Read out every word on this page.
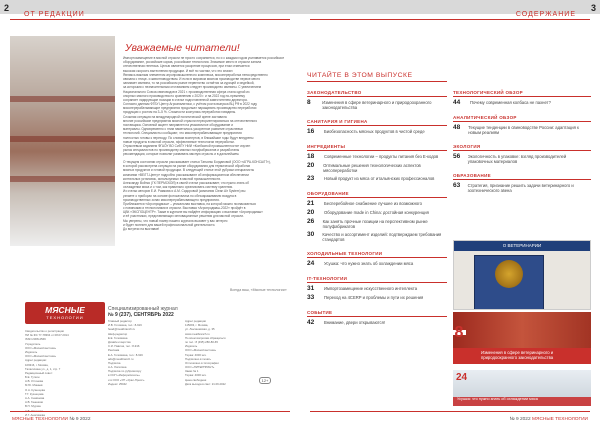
2	3
ОТ РЕДАКЦИИ	СОДЕРЖАНИЕ
Уважаемые читатели!
Импортозамещение в мясной отрасли не просто сохраняется, но и с каждым годом усиливается российское
оборудование, российские корма, российские технологии. Значимое место в отрасли заняла
отечественная генетика. Целью является ускорение процессов, при этом отмечается
высокая скорость вытеснения продукции. И всё по частям, что это значит.
Являясь важным элементом агропромышленного комплекса, мясопереработка непосредственно
связана с птице- и животноводством. И если в мировом мясном производстве первое место
занимает свинина, то на российском рынке первенство остаётся за курицей и индейкой,
за которыми с незначительным отставанием следует производство свинины. С увеличением
Национального Союза свиноводов в 2021 г. производственная сфера стала одной из
опорных мясного производства по сравнению с 2020 г. и на 2022 год по-прежнему
сохраняет лидирующие позиции в статье подготовленной заместителем директора.
Согласно данным ФГБУ Центр Агроаналитики, с учётом роста выпуска ВЦ РФ в 2022 году
мясоперерабатывающие предприятия продолжат наращивать производство переработки
продукции с ростом на 3–5 %. Сложности коснулись переработки говядины.
Сложная ситуация на международной политической арене заставила
многие российские предприятия мясной отрасли переориентироваться на отечественного
поставщика. Основной акцент направлен на упаковочное оборудование и
материалы. Одновременно с этим наметилось ускоренное развитие отраслевых
технологий. Специалисты сообщают, что мясоперерабатывающие предприятия
полностью готовы к переходу. По словам экспертов, в ближайшие годы будут внедрены
новые продукты в мясной отрасли, эффективные технологии переработки.
Отраслевым изданием ФГАОУ ВО СибГУ НИИ «Колбасной промышленности» изучен
рынок специалистов по производству мясных полуфабрикатов и разработаны
рекомендации, которые позволят развивать мясную отрасль и в дальнейшем.
О текущем состоянии отрасли рассказывает статья Татьяны Богдановой (ООО «АГРА-КОНСАЛТ»),
в которой рассмотрена ситуация на рынке оборудования для термической обработки
мясных продуктов и готовой продукции. В следующей статье этой рубрики специалисты
компании «ВЕЛТ-Центр» подробно рассказывают об информационном обеспечении
коптильных установок, используемых в мясной промышленности.
Александр Войтко (ГК ПЕРМСКОЙ) в своей статье рассказывает, что нужно знать об
охлаждении мяса и о том, как правильно организовать систему хранения.
Из статьи авторов Е.И. Рамкова и А.М. Сидоровой (компания Clean Air System) вы
узнаете о приборах на основе фотокатализа по обеззараживанию воздуха в
производственных зонах мясоперерабатывающего предприятия.
Приближается «Агропродмаш» – уникальная выставка, на которой можно познакомиться
с новинками и технологиями в отрасли. Выставка «Агропродмаш-2022» пройдёт в
ЦВК «ЭКСПОЦЕНТР». Также в журнале вы найдёте информацию о выставке «Агропродмаш»
и её участниках, представляющих инновационные решения для мясной отрасли.
Мы уверены, что новый номер нашего журнала вызовет у вас интерес
и будет полезен для вашей профессиональной деятельности.
До встречи на выставке!
Всегда ваш, «Мясные технологии»
МЯСНЫЕ
ТЕХНОЛОГИИ
Специализированный журнал
№ 9 (237), СЕНТЯБРЬ 2022
Свидетельство о регистрации
ПИ № ФС 77-78364 от 08.07.2014
ISSN 2308-2569
Учредитель
ООО «Мясной вестник»
Издатель
ООО «Мясной вестник»
Адрес редакции:
109316, г. Москва,
Талалихина ул., д. 1, стр. 7
Редакционный совет:
Б.Е. Гуткин
А.В. Устинова
М.Ю. Минаев
О.А. Кузнецова
Т.Г. Кузнецова
А.А. Семёнова
А.В. Ганенков
В.П. Мурзин
И.Г. Анисимова
Главный редактор
И.В. Головина, тел.: 8-916
head@meatbranch.ru
Шеф-редактор
Е.Е. Головкина
Дизайн и верстка
С.И. Павлов, тел.: 8-916
Реклама
Е.А. Головкина, тел.: 8-916
ads@meatbranch.ru
Подписка
А.А. Лопатина
Подписка по рубрикатору
в ОСП «Информпечать»
и в ООО «УП «Урал-Пресс»
Индекс: 25042
Адрес редакции
115093, г. Москва,
ул. Люсиновская, д. 35
www.meatbranch.ru
По всем вопросам обращаться
по тел.: 8 (495) 280-80-65
Издатель
ООО «Мясной вестник»
Тираж: 4000 экз.
Подписано в печать
Отпечатано в типографии
ООО «ПИТЕРПРИНТ»
Заказ № 1
Тираж: 4000 экз.
Цена свободная
Дата выхода в свет: 21.09.2022
12+
ЧИТАЙТЕ В ЭТОМ ВЫПУСКЕ
ЗАКОНОДАТЕЛЬСТВО
8	Изменения в сфере ветеринарного и природоохранного законодательства
САНИТАРИЯ И ГИГИЕНА
16	Биобезопасность мясных продуктов в чистой среде
ИНГРЕДИЕНТЫ
18	Современные технологии – продукты питания без Е-кодов
20	Оптимальные решения технологических аспектов мясопереработки
23	Новый продукт из мяса от итальянских профессионалов
ОБОРУДОВАНИЕ
21	Бесперебойное снабжение лучшее из возможного
20	Оборудование made in China: достойная конкуренция
26	Как занять прочные позиции на перспективном рынке полуфабрикатов
30	Качество и ассортимент изделий: подтверждаем требования стандартов
ХОЛОДИЛЬНЫЕ ТЕХНОЛОГИИ
24	Усушка: что нужно знать об охлаждении мяса
IT-ТЕХНОЛОГИИ
31	Импортозамещение искусственного интеллекта
33	Переход на 4CERP и проблемы и пути их решения
СОБЫТИЕ
42	Внимание, двери открываются!
ТЕХНОЛОГИЧЕСКИЙ ОБЗОР
44	Почему современная колбаса не пахнет?
АНАЛИТИЧЕСКИЙ ОБЗОР
48	Текущие тенденции в свиноводстве России: адаптация к новым реалиям
ЭКОЛОГИЯ
56	Экологичность в упаковке: взгляд производителей упаковочных материалов
ОБРАЗОВАНИЕ
63	Стратегия, признание решить задачи ветеринарного и зоотехнического звена
О ВЕТЕРИНАРИИ
8
Изменения в сфере ветеринарного и природоохранного законодательства
24
Усушка: что нужно знать об охлаждении мяса
МЯСНЫЕ ТЕХНОЛОГИИ № 9 2022	№ 9 2022 МЯСНЫЕ ТЕХНОЛОГИИ
